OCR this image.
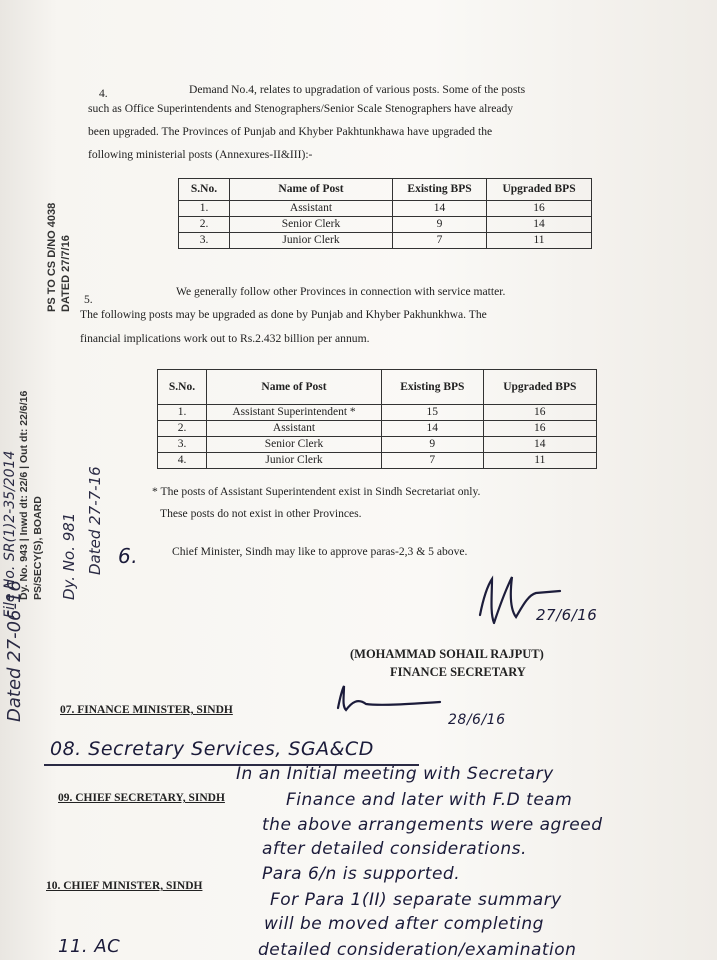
4.	Demand No.4, relates to upgradation of various posts. Some of the posts
such as Office Superintendents and Stenographers/Senior Scale Stenographers have already
been upgraded. The Provinces of Punjab and Khyber Pakhtunkhawa have upgraded the
following ministerial posts (Annexures-II&III):-
S.No.	Name of Post	Existing BPS	Upgraded BPS
1.	Assistant	14	16
2.	Senior Clerk	9	14
3.	Junior Clerk	7	11
5.
We generally follow other Provinces in connection with service matter.
The following posts may be upgraded as done by Punjab and Khyber Pakhunkhwa. The
financial implications work out to Rs.2.432 billion per annum.
S.No.	Name of Post	Existing BPS	Upgraded BPS
1.	Assistant Superintendent *	15	16
2.	Assistant	14	16
3.	Senior Clerk	9	14
4.	Junior Clerk	7	11
* The posts of Assistant Superintendent exist in Sindh Secretariat only.
These posts do not exist in other Provinces.
6.	Chief Minister, Sindh may like to approve paras-2,3 & 5 above.
27/6/16
(MOHAMMAD SOHAIL RAJPUT)
FINANCE SECRETARY
07. FINANCE MINISTER, SINDH
28/6/16
08. Secretary Services, SGA&CD
09. CHIEF SECRETARY, SINDH
10. CHIEF MINISTER, SINDH
11. AC
In an Initial meeting with Secretary
Finance and later with F.D team
the above arrangements were agreed
after detailed considerations.
Para 6/n is supported.
For Para 1(II) separate summary
will be moved after completing
detailed consideration/examination
PS TO CS D/NO 4038 DATED 27/7/16
File No. SR(1)2-35/2014 Dy. No. 943 | Inwd dt: 22/6 | Out dt: 22/6/16 PS/SECY(S), BOARD Dy. No. 981 Dated 27-7-16
Dated 27-06-16
